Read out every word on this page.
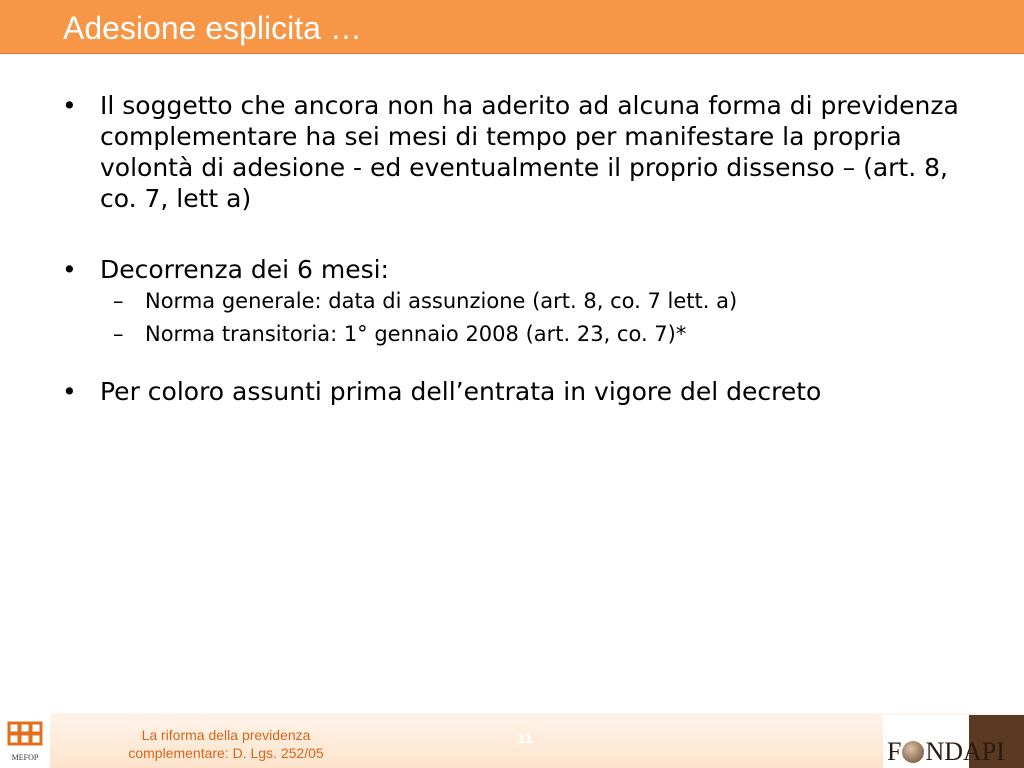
Adesione esplicita …
• Il soggetto che ancora non ha aderito ad alcuna forma di previdenza complementare ha sei mesi di tempo per manifestare la propria volontà di adesione - ed eventualmente il proprio dissenso – (art. 8, co. 7, lett a)
• Decorrenza dei 6 mesi:
– Norma generale: data di assunzione (art. 8, co. 7 lett. a)
– Norma transitoria: 1° gennaio 2008 (art. 23, co. 7)*
• Per coloro assunti prima dell’entrata in vigore del decreto
MEFOP
La riforma della previdenza
complementare: D. Lgs. 252/05
11	F NDAPI
